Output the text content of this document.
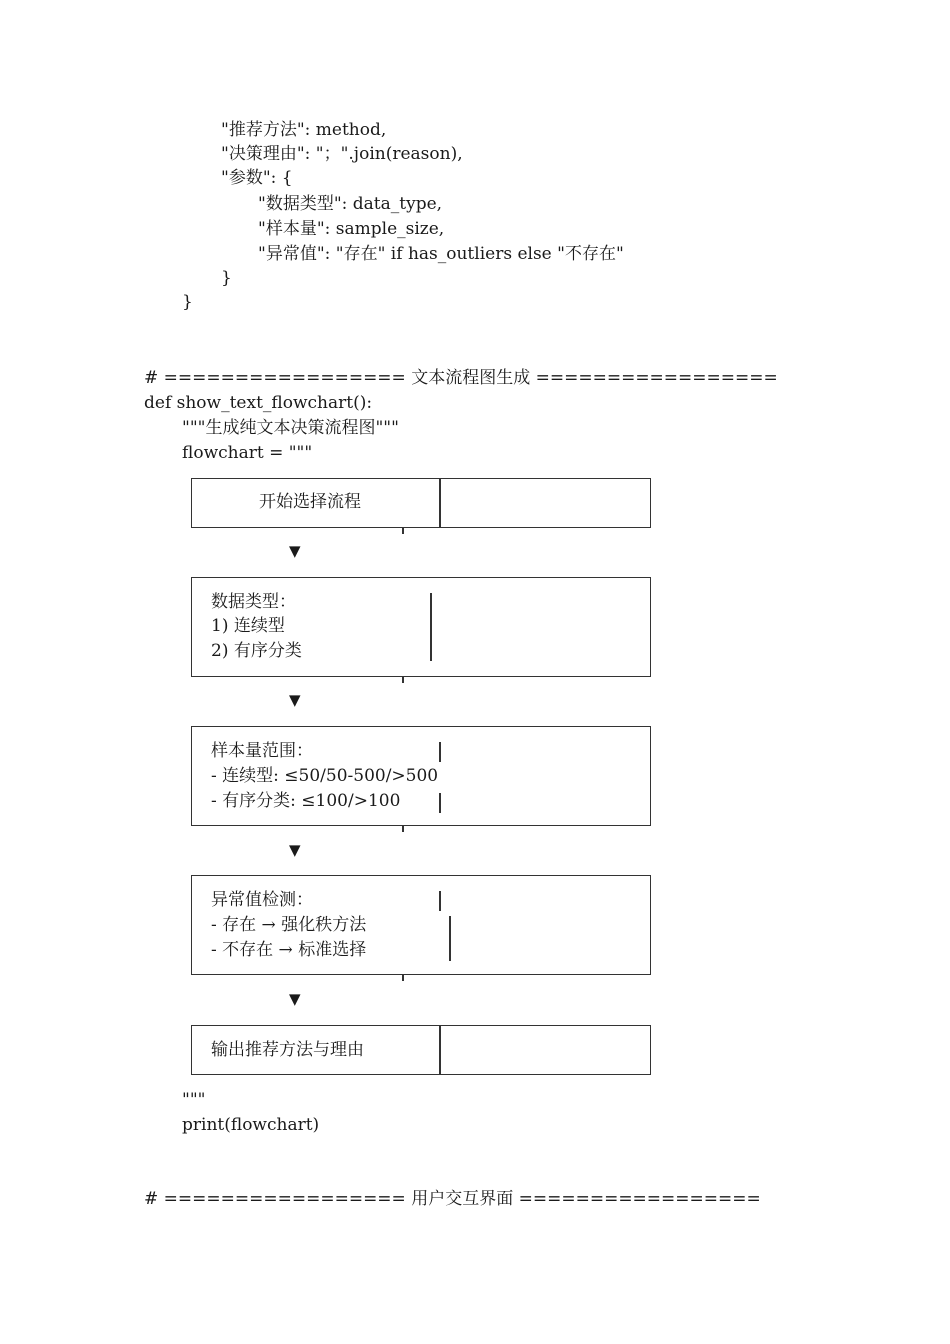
"推荐方法": method,
"决策理由": "；".join(reason),
"参数": {
"数据类型": data_type,
"样本量": sample_size,
"异常值": "存在" if has_outliers else "不存在"
}
}
# ================= 文本流程图生成 =================
def show_text_flowchart():
"""生成纯文本决策流程图"""
flowchart = """
开始选择流程
▼
数据类型：
1) 连续型
2) 有序分类
▼
样本量范围：
- 连续型: ≤50/50-500/>500
- 有序分类: ≤100/>100
▼
异常值检测：
- 存在 → 强化秩方法
- 不存在 → 标准选择
▼
输出推荐方法与理由
"""
print(flowchart)
# ================= 用户交互界面 =================
